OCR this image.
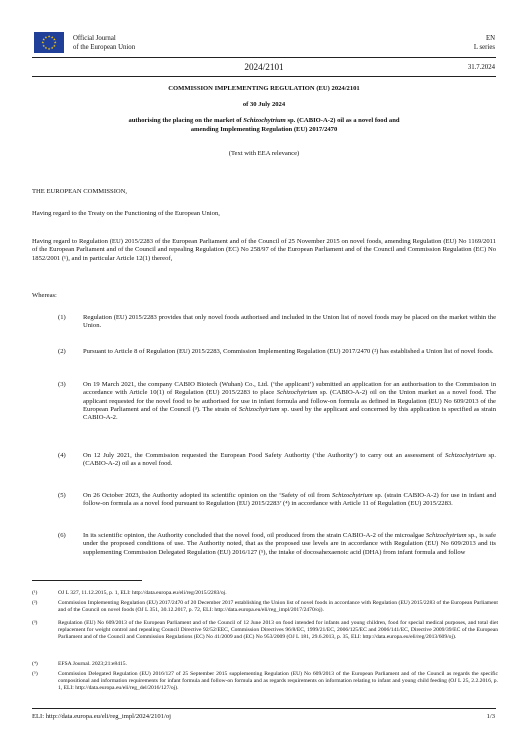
★ ★
★
★
★
★
★
★
★
★
★
★	Official Journal
of the European Union
EN
L series
2024/2101	31.7.2024
COMMISSION IMPLEMENTING REGULATION (EU) 2024/2101
of 30 July 2024
authorising the placing on the market of Schizochytrium sp. (CABIO-A-2) oil as a novel food and
amending Implementing Regulation (EU) 2017/2470
(Text with EEA relevance)
THE EUROPEAN COMMISSION,
Having regard to the Treaty on the Functioning of the European Union,
Having regard to Regulation (EU) 2015/2283 of the European Parliament and of the Council of 25 November 2015 on novel foods, amending Regulation (EU) No 1169/2011 of the European Parliament and of the Council and repealing Regulation (EC) No 258/97 of the European Parliament and of the Council and Commission Regulation (EC) No 1852/2001 (¹), and in particular Article 12(1) thereof,
Whereas:
(1)	Regulation (EU) 2015/2283 provides that only novel foods authorised and included in the Union list of novel foods may be placed on the market within the Union.
(2)	Pursuant to Article 8 of Regulation (EU) 2015/2283, Commission Implementing Regulation (EU) 2017/2470 (²) has established a Union list of novel foods.
(3)	On 19 March 2021, the company CABIO Biotech (Wuhan) Co., Ltd. (‘the applicant’) submitted an application for an authorisation to the Commission in accordance with Article 10(1) of Regulation (EU) 2015/2283 to place Schizochytrium sp. (CABIO-A-2) oil on the Union market as a novel food. The applicant requested for the novel food to be authorised for use in infant formula and follow-on formula as defined in Regulation (EU) No 609/2013 of the European Parliament and of the Council (³). The strain of Schizochytrium sp. used by the applicant and concerned by this application is specified as strain CABIO-A-2.
(4)	On 12 July 2021, the Commission requested the European Food Safety Authority (‘the Authority’) to carry out an assessment of Schizochytrium sp. (CABIO-A-2) oil as a novel food.
(5)	On 26 October 2023, the Authority adopted its scientific opinion on the ‘Safety of oil from Schizochytrium sp. (strain CABIO-A-2) for use in infant and follow-on formula as a novel food pursuant to Regulation (EU) 2015/2283’ (⁴) in accordance with Article 11 of Regulation (EU) 2015/2283.
(6)	In its scientific opinion, the Authority concluded that the novel food, oil produced from the strain CABIO-A-2 of the microalgae Schizochytrium sp., is safe under the proposed conditions of use. The Authority noted, that as the proposed use levels are in accordance with Regulation (EU) No 609/2013 and its supplementing Commission Delegated Regulation (EU) 2016/127 (⁵), the intake of docosahexaenoic acid (DHA) from infant formula and follow
(¹)	OJ L 327, 11.12.2015, p. 1, ELI: http://data.europa.eu/eli/reg/2015/2283/oj.
(²)	Commission Implementing Regulation (EU) 2017/2470 of 20 December 2017 establishing the Union list of novel foods in accordance with Regulation (EU) 2015/2283 of the European Parliament and of the Council on novel foods (OJ L 351, 30.12.2017, p. 72, ELI: http://data.europa.eu/eli/reg_impl/2017/2470/oj).
(³)	Regulation (EU) No 609/2013 of the European Parliament and of the Council of 12 June 2013 on food intended for infants and young children, food for special medical purposes, and total diet replacement for weight control and repealing Council Directive 92/52/EEC, Commission Directives 96/8/EC, 1999/21/EC, 2006/125/EC and 2006/141/EC, Directive 2009/39/EC of the European Parliament and of the Council and Commission Regulations (EC) No 41/2009 and (EC) No 953/2009 (OJ L 181, 29.6.2013, p. 35, ELI: http://data.europa.eu/eli/reg/2013/609/oj).
(⁴)	EFSA Journal. 2023;21:e8415.
(⁵)	Commission Delegated Regulation (EU) 2016/127 of 25 September 2015 supplementing Regulation (EU) No 609/2013 of the European Parliament and of the Council as regards the specific compositional and information requirements for infant formula and follow-on formula and as regards requirements on information relating to infant and young child feeding (OJ L 25, 2.2.2016, p. 1, ELI: http://data.europa.eu/eli/reg_del/2016/127/oj).
ELI: http://data.europa.eu/eli/reg_impl/2024/2101/oj	1/3
